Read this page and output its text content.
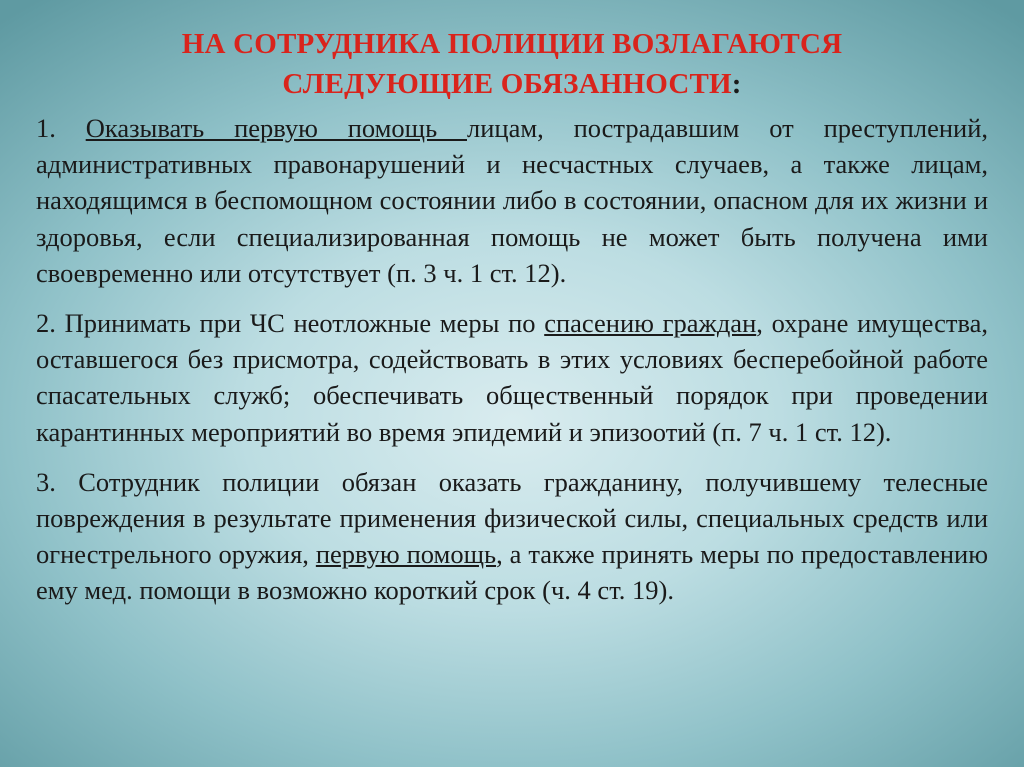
НА СОТРУДНИКА ПОЛИЦИИ ВОЗЛАГАЮТСЯ
СЛЕДУЮЩИЕ ОБЯЗАННОСТИ:

1. Оказывать первую помощь лицам, пострадавшим от преступлений, административных правонарушений и несчастных случаев, а также лицам, находящимся в беспомощном состоянии либо в состоянии, опасном для их жизни и здоровья, если специализированная помощь не может быть получена ими своевременно или отсутствует (п. 3 ч. 1 ст. 12).

2. Принимать при ЧС неотложные меры по спасению граждан, охране имущества, оставшегося без присмотра, содействовать в этих условиях бесперебойной работе спасательных служб; обеспечивать общественный порядок при проведении карантинных мероприятий во время эпидемий и эпизоотий (п. 7 ч. 1 ст. 12).

3. Сотрудник полиции обязан оказать гражданину, получившему телесные повреждения в результате применения физической силы, специальных средств или огнестрельного оружия, первую помощь, а также принять меры по предоставлению ему мед. помощи в возможно короткий срок (ч. 4 ст. 19).
